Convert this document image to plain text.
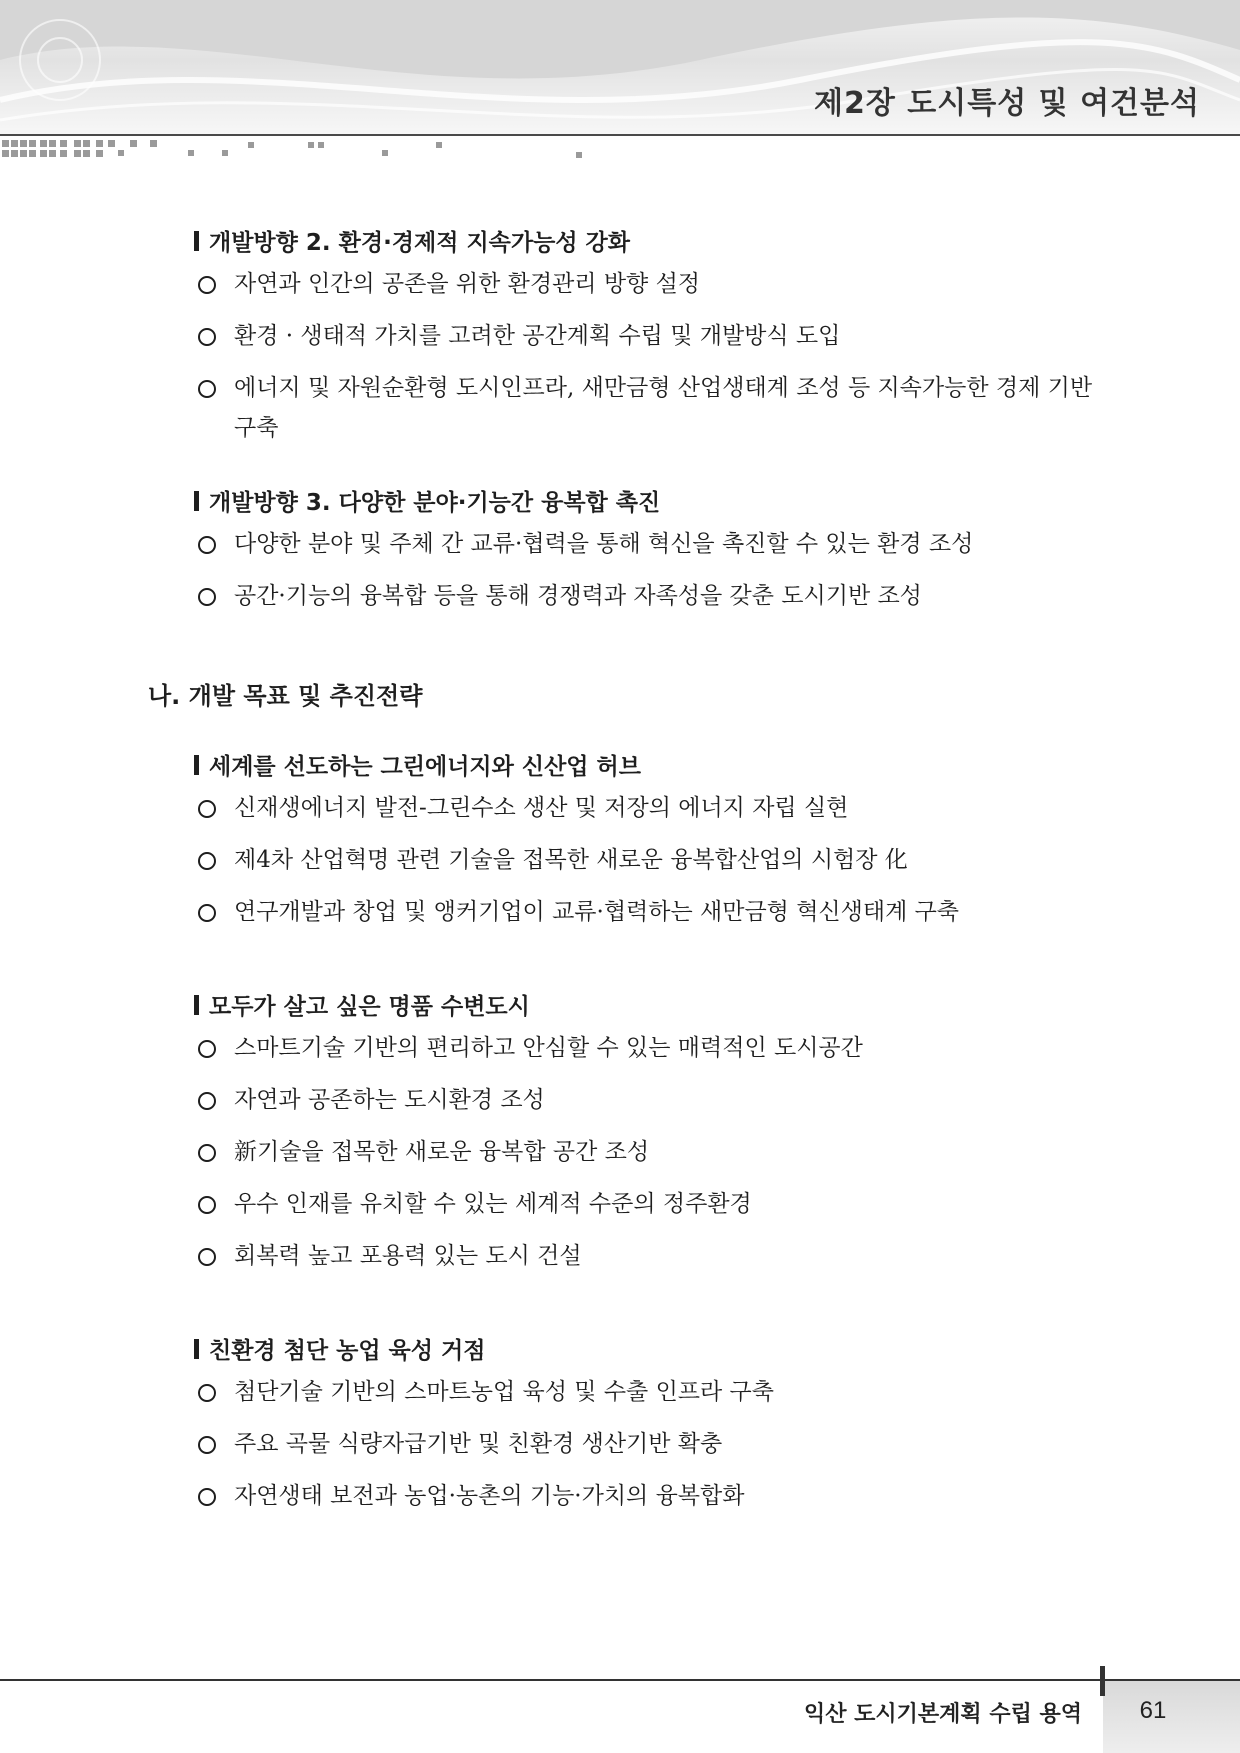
제2장 도시특성 및 여건분석
개발방향 2. 환경·경제적 지속가능성 강화
자연과 인간의 공존을 위한 환경관리 방향 설정
환경 · 생태적 가치를 고려한 공간계획 수립 및 개발방식 도입
에너지 및 자원순환형 도시인프라, 새만금형 산업생태계 조성 등 지속가능한 경제 기반 구축
개발방향 3. 다양한 분야·기능간 융복합 촉진
다양한 분야 및 주체 간 교류·협력을 통해 혁신을 촉진할 수 있는 환경 조성
공간·기능의 융복합 등을 통해 경쟁력과 자족성을 갖춘 도시기반 조성
나. 개발 목표 및 추진전략
세계를 선도하는 그린에너지와 신산업 허브
신재생에너지 발전-그린수소 생산 및 저장의 에너지 자립 실현
제4차 산업혁명 관련 기술을 접목한 새로운 융복합산업의 시험장 化
연구개발과 창업 및 앵커기업이 교류·협력하는 새만금형 혁신생태계 구축
모두가 살고 싶은 명품 수변도시
스마트기술 기반의 편리하고 안심할 수 있는 매력적인 도시공간
자연과 공존하는 도시환경 조성
新기술을 접목한 새로운 융복합 공간 조성
우수 인재를 유치할 수 있는 세계적 수준의 정주환경
회복력 높고 포용력 있는 도시 건설
친환경 첨단 농업 육성 거점
첨단기술 기반의 스마트농업 육성 및 수출 인프라 구축
주요 곡물 식량자급기반 및 친환경 생산기반 확충
자연생태 보전과 농업·농촌의 기능·가치의 융복합화
익산 도시기본계획 수립 용역	61
